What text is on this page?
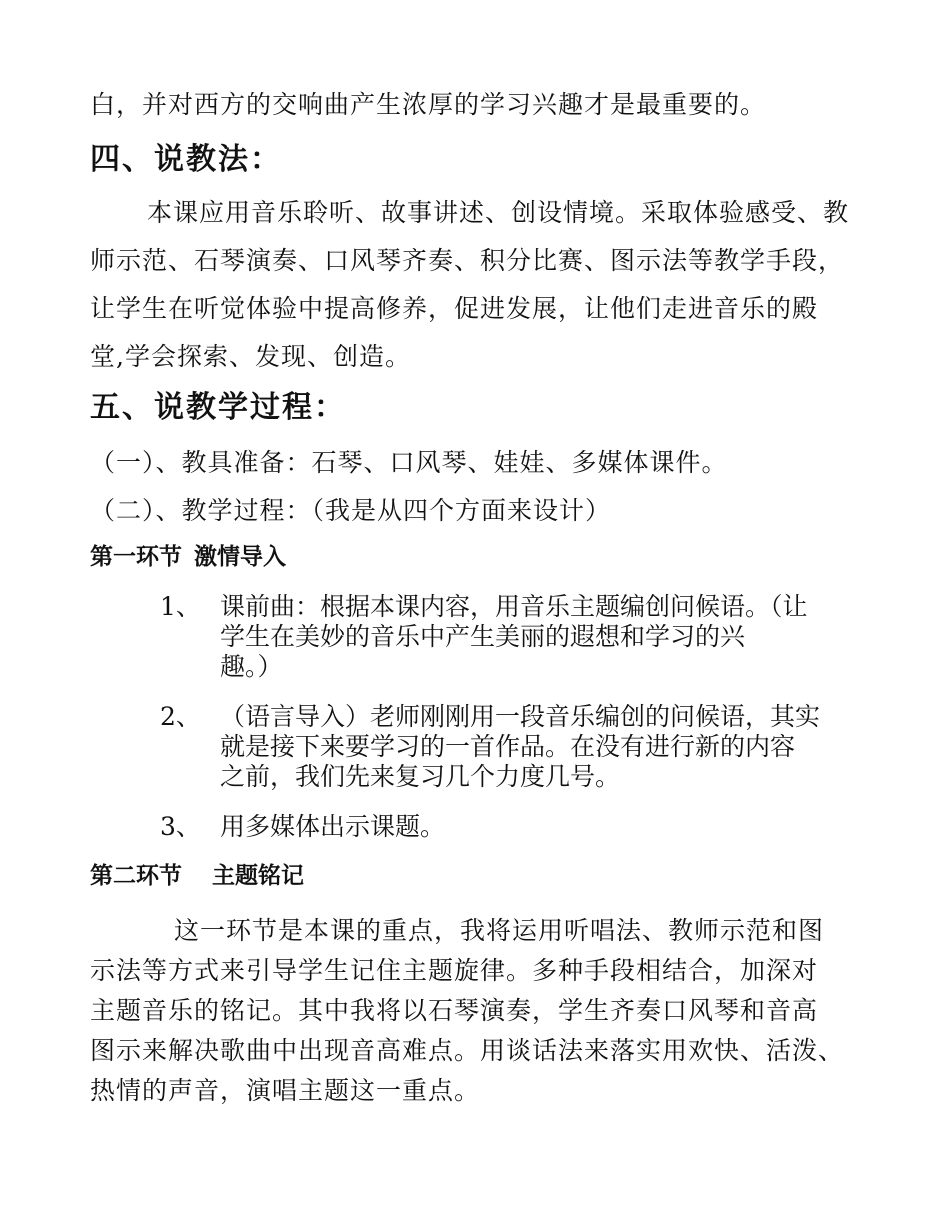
白，并对西方的交响曲产生浓厚的学习兴趣才是最重要的。
四、说教法：
本课应用音乐聆听、故事讲述、创设情境。采取体验感受、教
师示范、石琴演奏、口风琴齐奏、积分比赛、图示法等教学手段，
让学生在听觉体验中提高修养，促进发展，让他们走进音乐的殿
堂,学会探索、发现、创造。
五、说教学过程：
（一）、教具准备：石琴、口风琴、娃娃、多媒体课件。
（二）、教学过程：（我是从四个方面来设计）
第一环节 激情导入
1、 课前曲：根据本课内容，用音乐主题编创问候语。（让
学生在美妙的音乐中产生美丽的遐想和学习的兴
趣。）
2、 （语言导入）老师刚刚用一段音乐编创的问候语，其实
就是接下来要学习的一首作品。在没有进行新的内容
之前，我们先来复习几个力度几号。
3、 用多媒体出示课题。
第二环节 主题铭记
这一环节是本课的重点，我将运用听唱法、教师示范和图
示法等方式来引导学生记住主题旋律。多种手段相结合，加深对
主题音乐的铭记。其中我将以石琴演奏，学生齐奏口风琴和音高
图示来解决歌曲中出现音高难点。用谈话法来落实用欢快、活泼、
热情的声音，演唱主题这一重点。
